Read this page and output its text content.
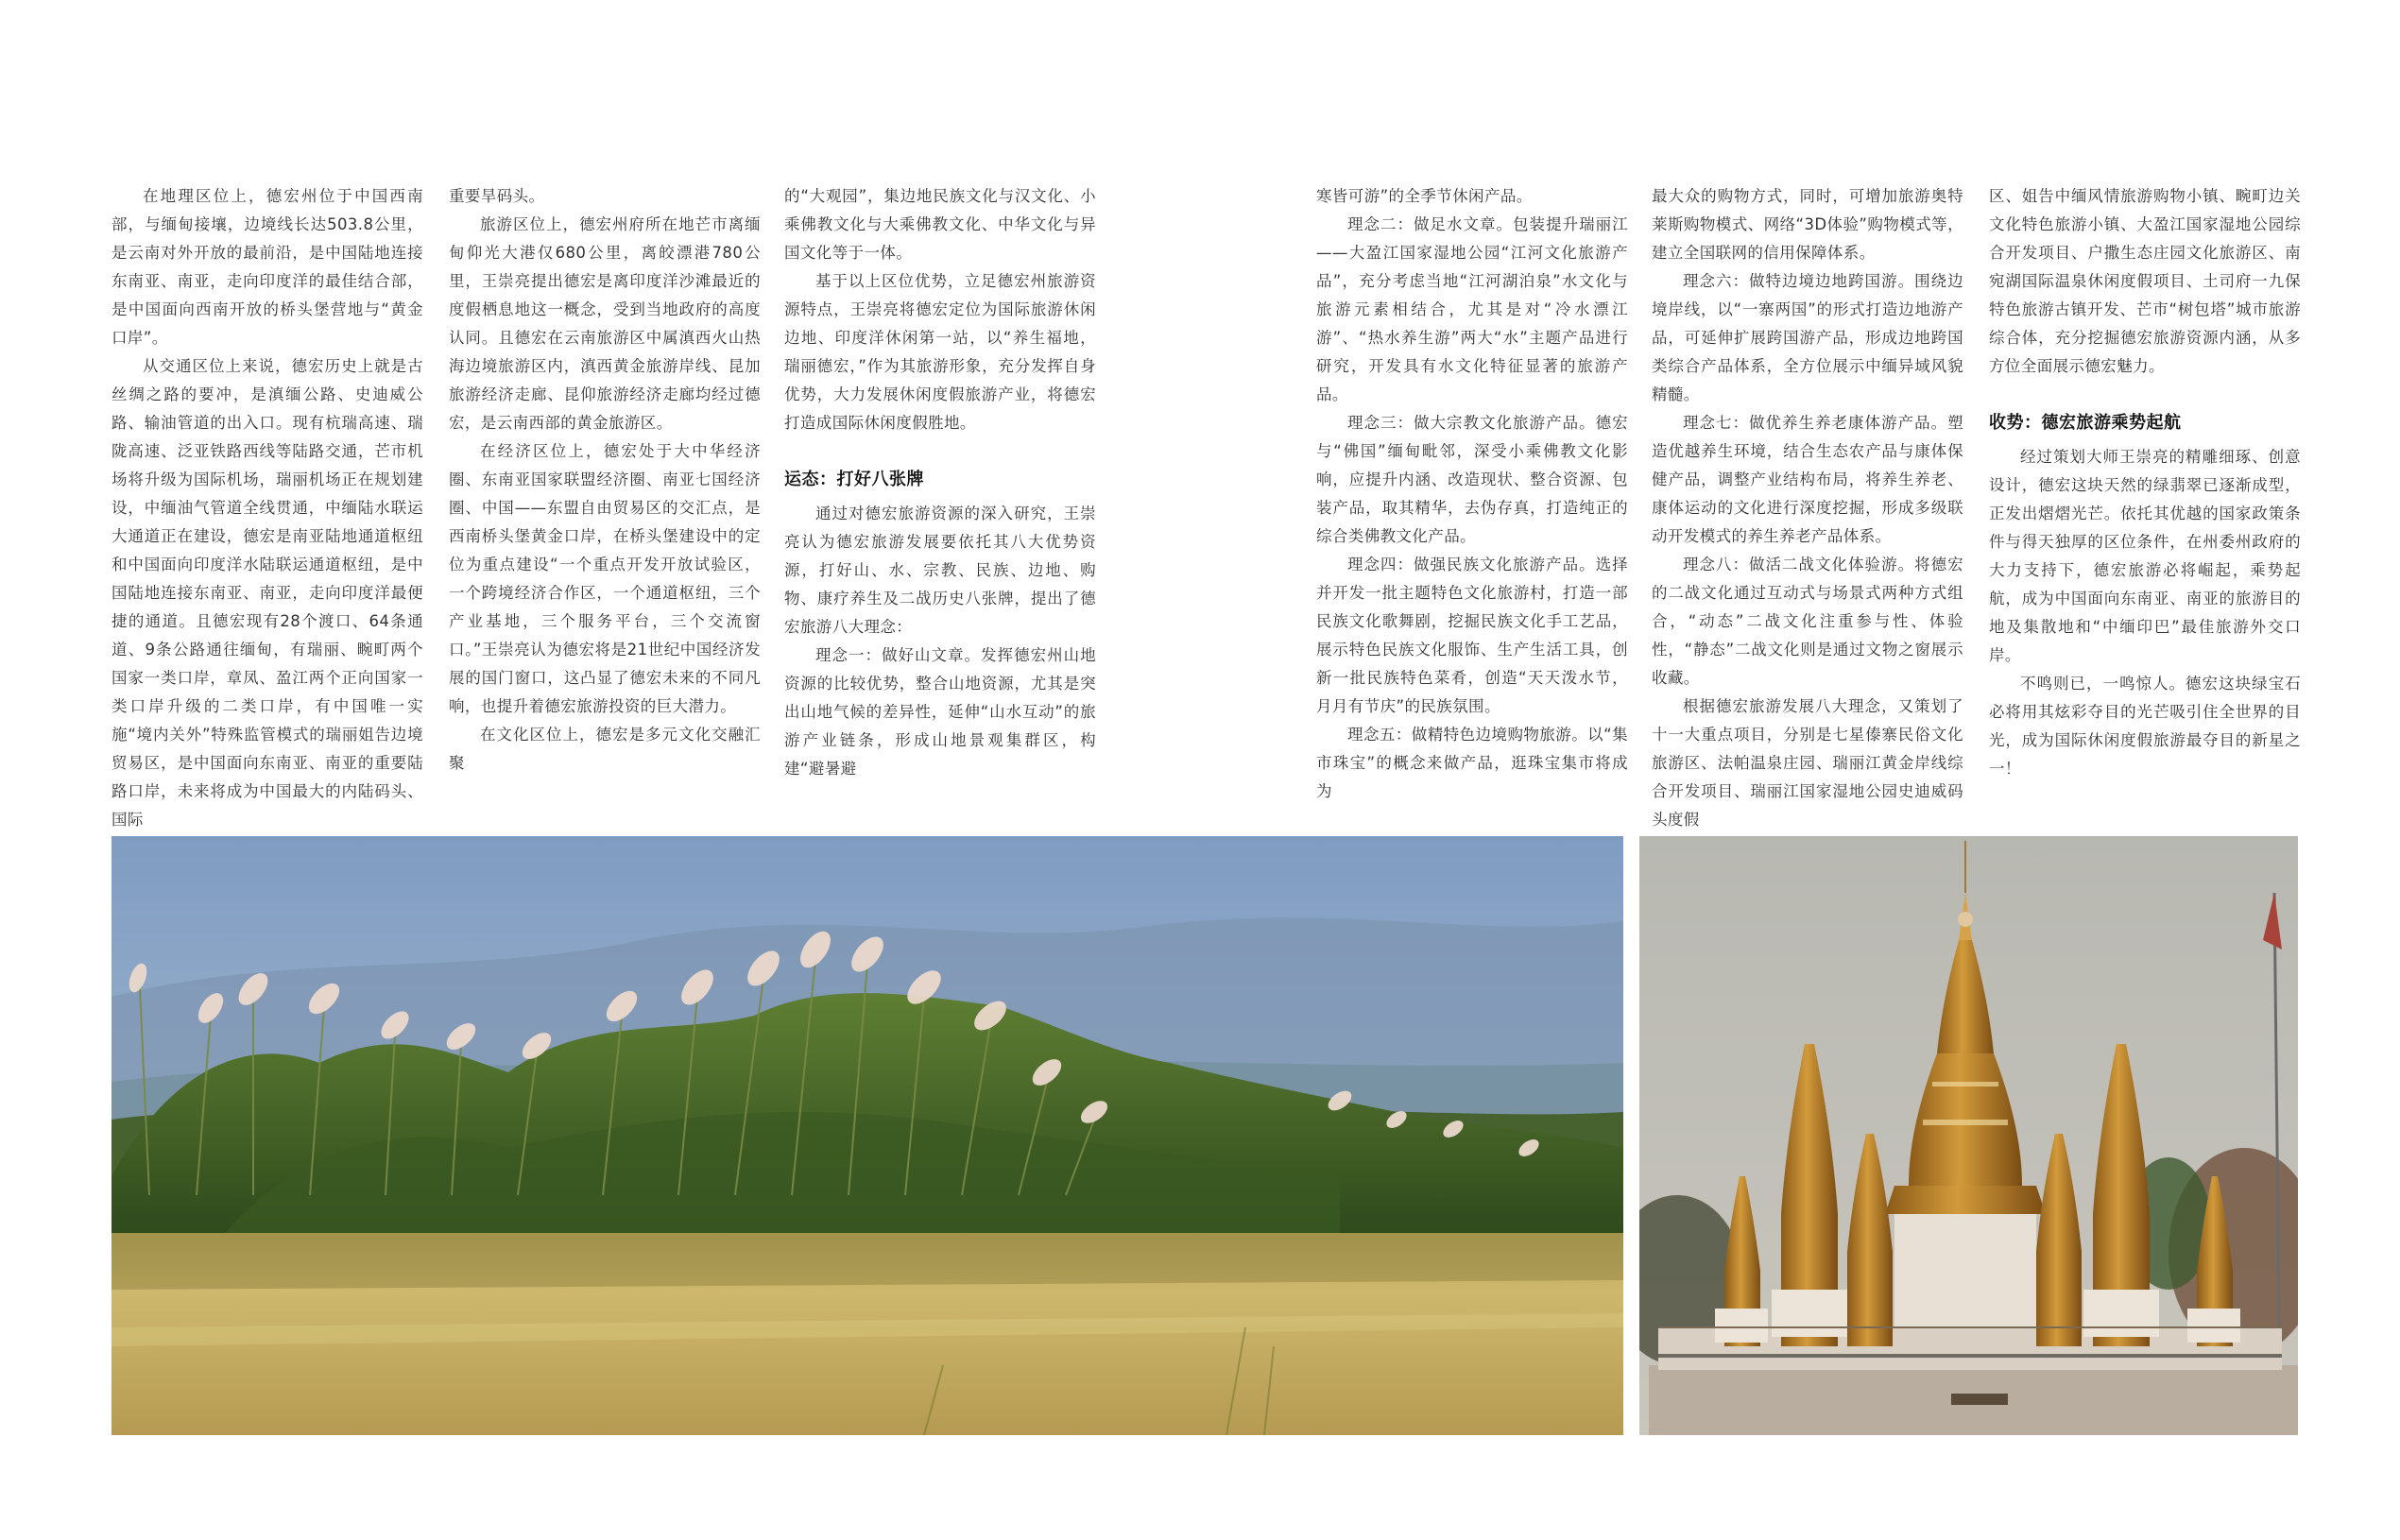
在地理区位上，德宏州位于中国西南部，与缅甸接壤，边境线长达503.8公里，是云南对外开放的最前沿，是中国陆地连接东南亚、南亚，走向印度洋的最佳结合部，是中国面向西南开放的桥头堡营地与“黄金口岸”。

从交通区位上来说，德宏历史上就是古丝绸之路的要冲，是滇缅公路、史迪威公路、输油管道的出入口。现有杭瑞高速、瑞陇高速、泛亚铁路西线等陆路交通，芒市机场将升级为国际机场，瑞丽机场正在规划建设，中缅油气管道全线贯通，中缅陆水联运大通道正在建设，德宏是南亚陆地通道枢纽和中国面向印度洋水陆联运通道枢纽，是中国陆地连接东南亚、南亚，走向印度洋最便捷的通道。且德宏现有28个渡口、64条通道、9条公路通往缅甸，有瑞丽、畹町两个国家一类口岸，章凤、盈江两个正向国家一类口岸升级的二类口岸，有中国唯一实施“境内关外”特殊监管模式的瑞丽姐告边境贸易区，是中国面向东南亚、南亚的重要陆路口岸，未来将成为中国最大的内陆码头、国际

重要旱码头。

旅游区位上，德宏州府所在地芒市离缅甸仰光大港仅680公里，离皎漂港780公里，王崇亮提出德宏是离印度洋沙滩最近的度假栖息地这一概念，受到当地政府的高度认同。且德宏在云南旅游区中属滇西火山热海边境旅游区内，滇西黄金旅游岸线、昆加旅游经济走廊、昆仰旅游经济走廊均经过德宏，是云南西部的黄金旅游区。

在经济区位上，德宏处于大中华经济圈、东南亚国家联盟经济圈、南亚七国经济圈、中国——东盟自由贸易区的交汇点，是西南桥头堡黄金口岸，在桥头堡建设中的定位为重点建设“一个重点开发开放试验区，一个跨境经济合作区，一个通道枢纽，三个产业基地，三个服务平台，三个交流窗口。”王崇亮认为德宏将是21世纪中国经济发展的国门窗口，这凸显了德宏未来的不同凡响，也提升着德宏旅游投资的巨大潜力。

在文化区位上，德宏是多元文化交融汇聚

的“大观园”，集边地民族文化与汉文化、小乘佛教文化与大乘佛教文化、中华文化与异国文化等于一体。

基于以上区位优势，立足德宏州旅游资源特点，王崇亮将德宏定位为国际旅游休闲边地、印度洋休闲第一站，以“养生福地，瑞丽德宏，”作为其旅游形象，充分发挥自身优势，大力发展休闲度假旅游产业，将德宏打造成国际休闲度假胜地。

运态：打好八张牌

通过对德宏旅游资源的深入研究，王崇亮认为德宏旅游发展要依托其八大优势资源，打好山、水、宗教、民族、边地、购物、康疗养生及二战历史八张牌，提出了德宏旅游八大理念：

理念一：做好山文章。发挥德宏州山地资源的比较优势，整合山地资源，尤其是突出山地气候的差异性，延伸“山水互动”的旅游产业链条，形成山地景观集群区，构建“避暑避

寒皆可游”的全季节休闲产品。

理念二：做足水文章。包装提升瑞丽江——大盈江国家湿地公园“江河文化旅游产品”，充分考虑当地“江河湖泊泉”水文化与旅游元素相结合，尤其是对“冷水漂江游”、“热水养生游”两大“水”主题产品进行研究，开发具有水文化特征显著的旅游产品。

理念三：做大宗教文化旅游产品。德宏与“佛国”缅甸毗邻，深受小乘佛教文化影响，应提升内涵、改造现状、整合资源、包装产品，取其精华，去伪存真，打造纯正的综合类佛教文化产品。

理念四：做强民族文化旅游产品。选择并开发一批主题特色文化旅游村，打造一部民族文化歌舞剧，挖掘民族文化手工艺品，展示特色民族文化服饰、生产生活工具，创新一批民族特色菜肴，创造“天天泼水节，月月有节庆”的民族氛围。

理念五：做精特色边境购物旅游。以“集市珠宝”的概念来做产品，逛珠宝集市将成为

最大众的购物方式，同时，可增加旅游奥特莱斯购物模式、网络“3D体验”购物模式等，建立全国联网的信用保障体系。

理念六：做特边境边地跨国游。围绕边境岸线，以“一寨两国”的形式打造边地游产品，可延伸扩展跨国游产品，形成边地跨国类综合产品体系，全方位展示中缅异域风貌精髓。

理念七：做优养生养老康体游产品。塑造优越养生环境，结合生态农产品与康体保健产品，调整产业结构布局，将养生养老、康体运动的文化进行深度挖掘，形成多级联动开发模式的养生养老产品体系。

理念八：做活二战文化体验游。将德宏的二战文化通过互动式与场景式两种方式组合，“动态”二战文化注重参与性、体验性，“静态”二战文化则是通过文物之窗展示收藏。

根据德宏旅游发展八大理念，又策划了十一大重点项目，分别是七星傣寨民俗文化旅游区、法帕温泉庄园、瑞丽江黄金岸线综合开发项目、瑞丽江国家湿地公园史迪威码头度假

区、姐告中缅风情旅游购物小镇、畹町边关文化特色旅游小镇、大盈江国家湿地公园综合开发项目、户撒生态庄园文化旅游区、南宛湖国际温泉休闲度假项目、土司府一九保特色旅游古镇开发、芒市“树包塔”城市旅游综合体，充分挖掘德宏旅游资源内涵，从多方位全面展示德宏魅力。

收势：德宏旅游乘势起航

经过策划大师王崇亮的精雕细琢、创意设计，德宏这块天然的绿翡翠已逐渐成型，正发出熠熠光芒。依托其优越的国家政策条件与得天独厚的区位条件，在州委州政府的大力支持下，德宏旅游必将崛起，乘势起航，成为中国面向东南亚、南亚的旅游目的地及集散地和“中缅印巴”最佳旅游外交口岸。

不鸣则已，一鸣惊人。德宏这块绿宝石必将用其炫彩夺目的光芒吸引住全世界的目光，成为国际休闲度假旅游最夺目的新星之一！
